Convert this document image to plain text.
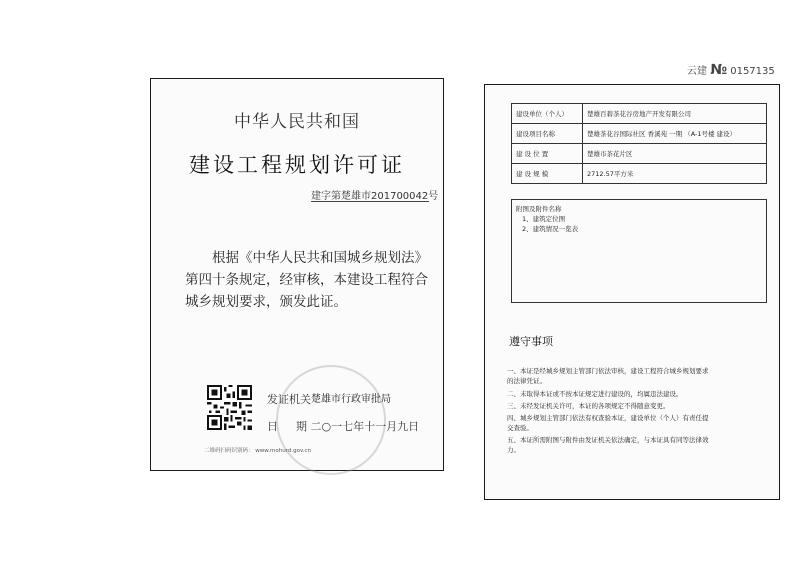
中华人民共和国
建设工程规划许可证
建字第楚雄市201700042号
根据《中华人民共和国城乡规划法》第四十条规定，经审核，本建设工程符合城乡规划要求，颁发此证。
二维码扫码识别码： www.mohurd.gov.cn
发证机关 楚雄市行政审批局
日 期 二○一七年十一月九日
云建 № 0157135
建设单位（个人）	楚雄百碧茶花谷房地产开发有限公司
建设项目名称	楚雄茶花谷国际社区 香溪苑 一期 （A-1号楼 建设）
建 设 位 置	楚雄市茶花片区
建 设 规 模	2712.57平方米
附图及附件名称
1、建筑定位图
2、建筑情况一览表
遵守事项
一、本证是经城乡规划主管部门依法审核，建设工程符合城乡规划要求
的法律凭证。
二、未取得本证或不按本证规定进行建设的，均属违法建设。
三、未经发证机关许可，本证的各项规定不得随意变更。
四、城乡规划主管部门依法有权查验本证，建设单位（个人）有责任提
交查验。
五、本证所需附图与附件由发证机关依法确定，与本证具有同等法律效
力。
